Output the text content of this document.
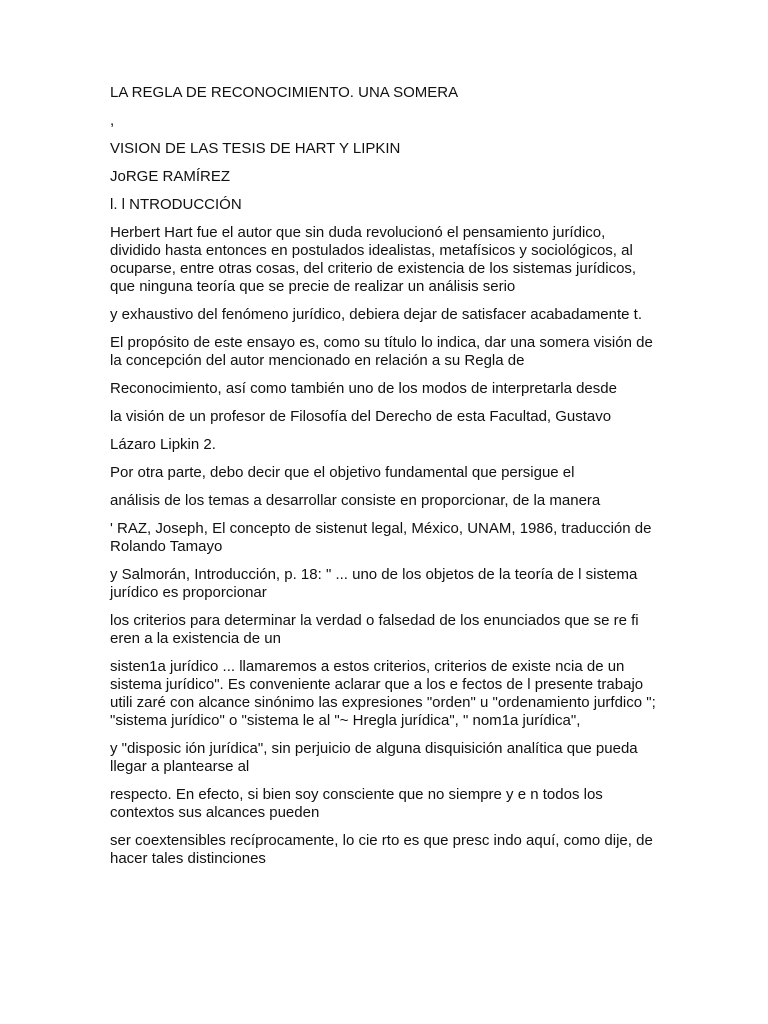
LA REGLA DE RECONOCIMIENTO. UNA SOMERA

,

VISION DE LAS TESIS DE HART Y LIPKIN

JoRGE RAMÍREZ

l. l NTRODUCCIÓN

Herbert Hart fue el autor que sin duda revolucionó el pensamiento jurídico, dividido hasta entonces en postulados idealistas, metafísicos y sociológicos, al ocuparse, entre otras cosas, del criterio de existencia de los sistemas jurídicos, que ninguna teoría que se precie de realizar un análisis serio

y exhaustivo del fenómeno jurídico, debiera dejar de satisfacer acabadamente t.

El propósito de este ensayo es, como su título lo indica, dar una somera visión de la concepción del autor mencionado en relación a su Regla de

Reconocimiento, así como también uno de los modos de interpretarla desde

la visión de un profesor de Filosofía del Derecho de esta Facultad, Gustavo

Lázaro Lipkin 2.

Por otra parte, debo decir que el objetivo fundamental que persigue el

análisis de los temas a desarrollar consiste en proporcionar, de la manera

' RAZ, Joseph, El concepto de sistenut legal, México, UNAM, 1986, traducción de Rolando Tamayo

y Salmorán, Introducción, p. 18: " ... uno de los objetos de la teoría de l sistema jurídico es proporcionar

los criterios para determinar la verdad o falsedad de los enunciados que se re fi eren a la existencia de un

sisten1a jurídico ... llamaremos a estos criterios, criterios de existe ncia de un sistema jurídico". Es conveniente aclarar que a los e fectos de l presente trabajo utili zaré con alcance sinónimo las expresiones "orden" u "ordenamiento jurfdico "; "sistema jurídico" o "sistema le al "~ Hregla jurídica", " nom1a jurídica",

y "disposic ión jurídica", sin perjuicio de alguna disquisición analítica que pueda llegar a plantearse al

respecto. En efecto, si bien soy consciente que no siempre y e n todos los contextos sus alcances pueden

ser coextensibles recíprocamente, lo cie rto es que presc indo aquí, como dije, de hacer tales distinciones
